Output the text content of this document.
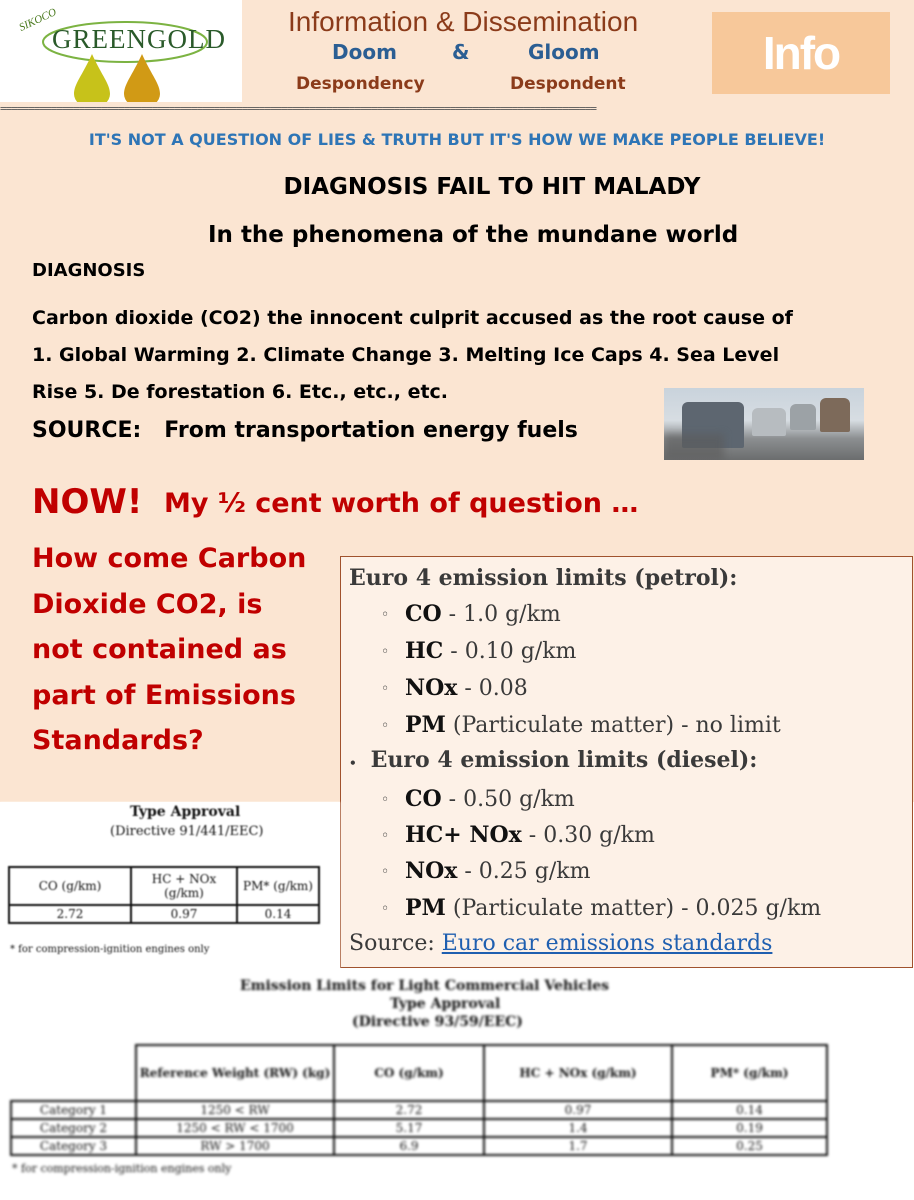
SIKOCO
GREENGOLD
Information & Dissemination
Doom	&	Gloom
Despondency	Despondent
Info
==========================================================================================================
IT'S NOT A QUESTION OF LIES & TRUTH BUT IT'S HOW WE MAKE PEOPLE BELIEVE!
DIAGNOSIS FAIL TO HIT MALADY
In the phenomena of the mundane world
DIAGNOSIS
Carbon dioxide (CO2) the innocent culprit accused as the root cause of
1. Global Warming 2. Climate Change 3. Melting Ice Caps 4. Sea Level
Rise 5. De forestation 6. Etc., etc., etc.
SOURCE:   From transportation energy fuels
NOW! My ½ cent worth of question …
How come Carbon
Dioxide CO2, is
not contained as
part of Emissions
Standards?
Euro 4 emission limits (petrol):
◦ CO - 1.0 g/km
◦ HC - 0.10 g/km
◦ NOx - 0.08
◦ PM (Particulate matter) - no limit
• Euro 4 emission limits (diesel):
◦ CO - 0.50 g/km
◦ HC+ NOx - 0.30 g/km
◦ NOx - 0.25 g/km
◦ PM (Particulate matter) - 0.025 g/km
Source: Euro car emissions standards
Type Approval
(Directive 91/441/EEC)
CO (g/km)	HC + NOx (g/km)	PM* (g/km)
2.72	0.97	0.14
* for compression-ignition engines only
Emission Limits for Light Commercial Vehicles
Type Approval
(Directive 93/59/EEC)
	Reference Weight (RW) (kg)	CO (g/km)	HC + NOx (g/km)	PM* (g/km)
Category 1	1250 < RW	2.72	0.97	0.14
Category 2	1250 < RW < 1700	5.17	1.4	0.19
Category 3	RW > 1700	6.9	1.7	0.25
* for compression-ignition engines only
